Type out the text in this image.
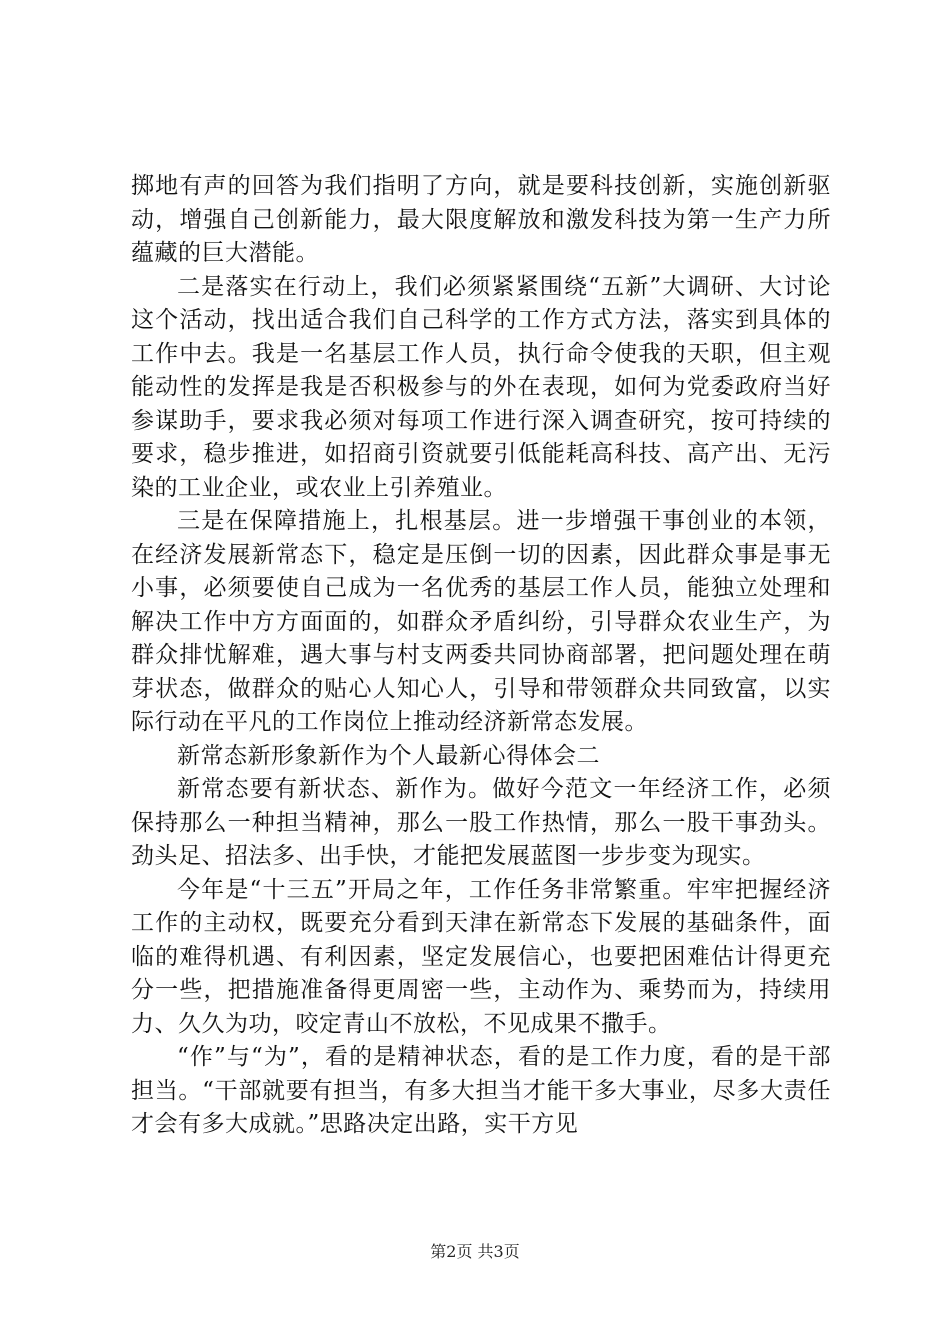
掷地有声的回答为我们指明了方向，就是要科技创新，实施创新驱动，增强自己创新能力，最大限度解放和激发科技为第一生产力所蕴藏的巨大潜能。

二是落实在行动上，我们必须紧紧围绕“五新”大调研、大讨论这个活动，找出适合我们自己科学的工作方式方法，落实到具体的工作中去。我是一名基层工作人员，执行命令使我的天职，但主观能动性的发挥是我是否积极参与的外在表现，如何为党委政府当好参谋助手，要求我必须对每项工作进行深入调查研究，按可持续的要求，稳步推进，如招商引资就要引低能耗高科技、高产出、无污染的工业企业，或农业上引养殖业。

三是在保障措施上，扎根基层。进一步增强干事创业的本领，在经济发展新常态下，稳定是压倒一切的因素，因此群众事是事无小事，必须要使自己成为一名优秀的基层工作人员，能独立处理和解决工作中方方面面的，如群众矛盾纠纷，引导群众农业生产，为群众排忧解难，遇大事与村支两委共同协商部署，把问题处理在萌芽状态，做群众的贴心人知心人，引导和带领群众共同致富，以实际行动在平凡的工作岗位上推动经济新常态发展。

新常态新形象新作为个人最新心得体会二

新常态要有新状态、新作为。做好今范文一年经济工作，必须保持那么一种担当精神，那么一股工作热情，那么一股干事劲头。劲头足、招法多、出手快，才能把发展蓝图一步步变为现实。

今年是“十三五”开局之年，工作任务非常繁重。牢牢把握经济工作的主动权，既要充分看到天津在新常态下发展的基础条件，面临的难得机遇、有利因素，坚定发展信心，也要把困难估计得更充分一些，把措施准备得更周密一些，主动作为、乘势而为，持续用力、久久为功，咬定青山不放松，不见成果不撒手。

“作”与“为”，看的是精神状态，看的是工作力度，看的是干部担当。“干部就要有担当，有多大担当才能干多大事业，尽多大责任才会有多大成就。”思路决定出路，实干方见

第2页 共3页
